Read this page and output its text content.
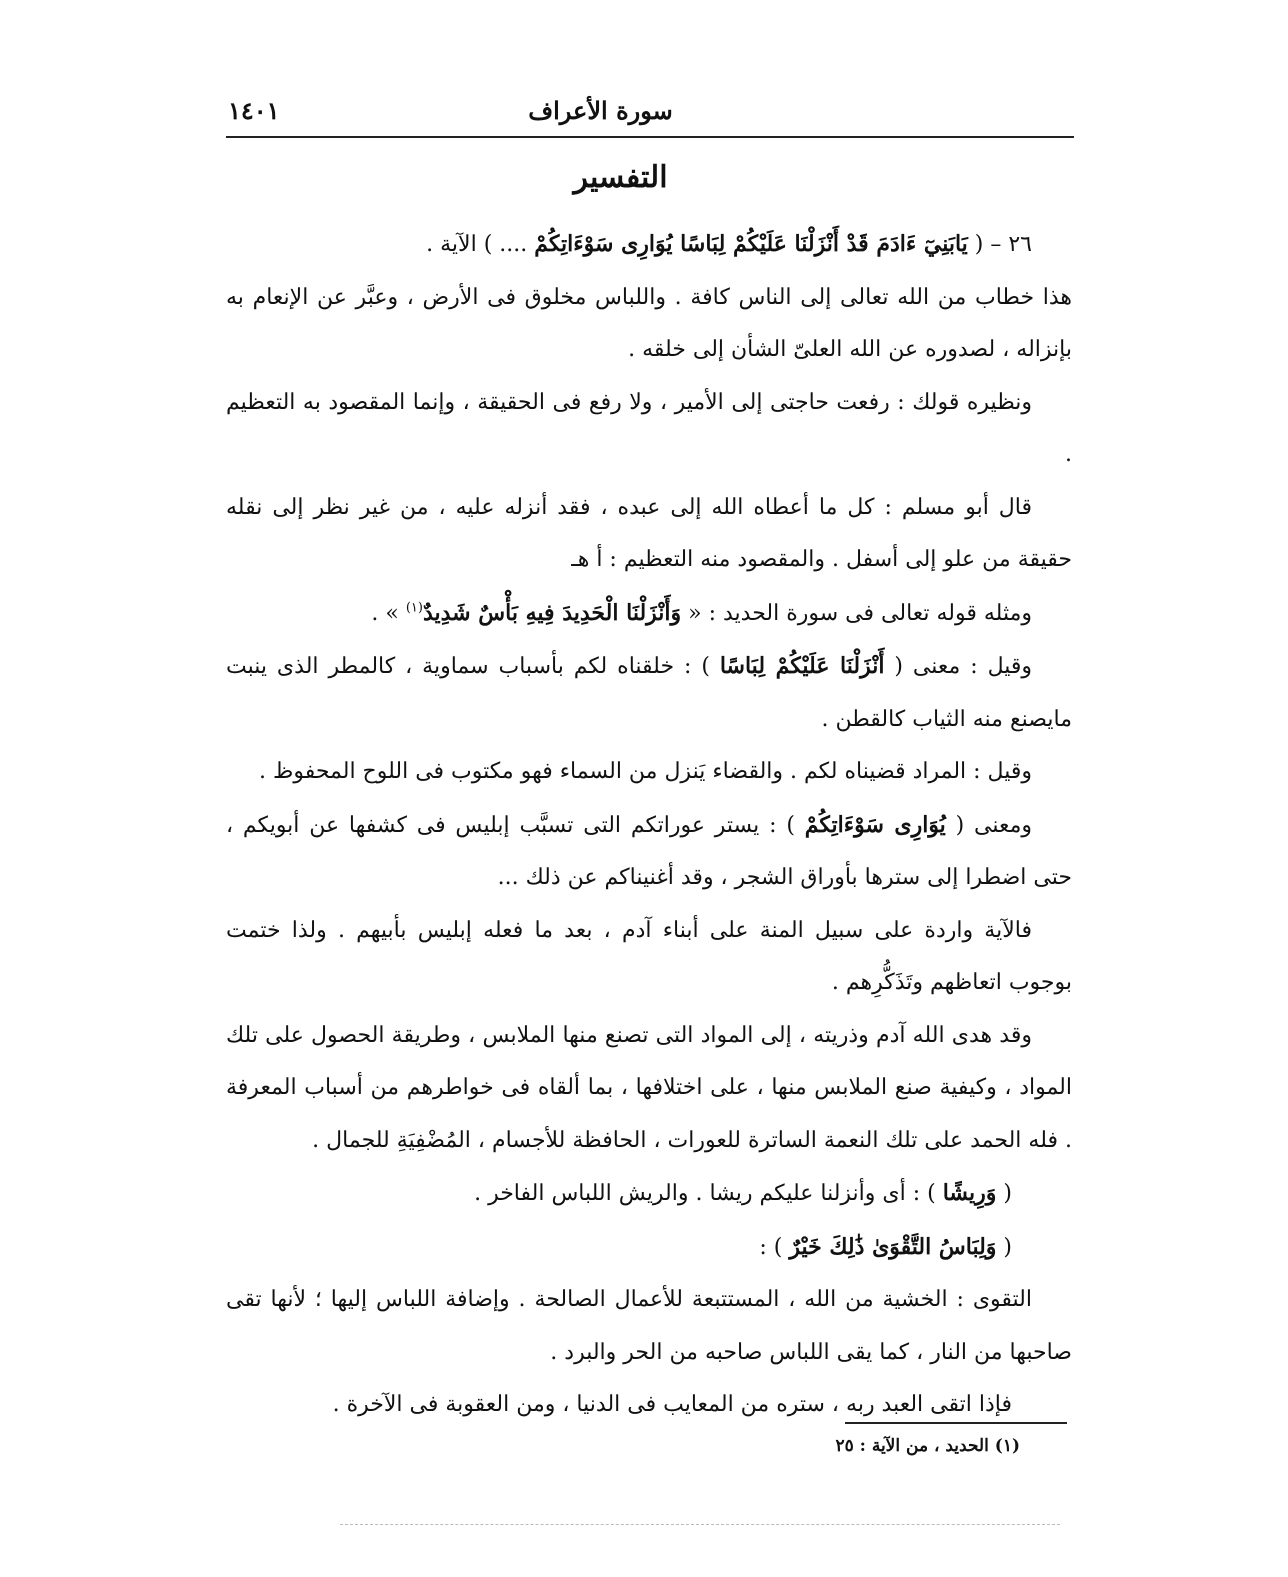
سورة الأعراف
١٤٠١
التفسير

٢٦ – ( يَابَنِيٓ ءَادَمَ قَدْ أَنْزَلْنَا عَلَيْكُمْ لِبَاسًا يُوَارِى سَوْءَاتِكُمْ .... ) الآية .

هذا خطاب من الله تعالى إلى الناس كافة . واللباس مخلوق فى الأرض ، وعبَّر عن الإنعام به بإنزاله ، لصدوره عن الله العلىّ الشأن إلى خلقه .

ونظيره قولك : رفعت حاجتى إلى الأمير ، ولا رفع فى الحقيقة ، وإنما المقصود به التعظيم .

قال أبو مسلم : كل ما أعطاه الله إلى عبده ، فقد أنزله عليه ، من غير نظر إلى نقله حقيقة من علو إلى أسفل . والمقصود منه التعظيم : أ هـ

ومثله قوله تعالى فى سورة الحديد : « وَأَنْزَلْنَا الْحَدِيدَ فِيهِ بَأْسٌ شَدِيدٌ$^{(١)}$ » .

وقيل : معنى ( أَنْزَلْنَا عَلَيْكُمْ لِبَاسًا ) : خلقناه لكم بأسباب سماوية ، كالمطر الذى ينبت مايصنع منه الثياب كالقطن .

وقيل : المراد قضيناه لكم . والقضاء يَنزل من السماء فهو مكتوب فى اللوح المحفوظ .

ومعنى ( يُوَارِى سَوْءَاتِكُمْ ) : يستر عوراتكم التى تسبَّب إبليس فى كشفها عن أبويكم ، حتى اضطرا إلى سترها بأوراق الشجر ، وقد أغنيناكم عن ذلك ...

فالآية واردة على سبيل المنة على أبناء آدم ، بعد ما فعله إبليس بأبيهم . ولذا ختمت بوجوب اتعاظهم وتَذَكُّرِهم .

وقد هدى الله آدم وذريته ، إلى المواد التى تصنع منها الملابس ، وطريقة الحصول على تلك المواد ، وكيفية صنع الملابس منها ، على اختلافها ، بما ألقاه فى خواطرهم من أسباب المعرفة . فله الحمد على تلك النعمة الساترة للعورات ، الحافظة للأجسام ، المُضْفِيَةِ للجمال .

( وَرِيشًا ) : أى وأنزلنا عليكم ريشا . والريش اللباس الفاخر .

( وَلِبَاسُ التَّقْوَىٰ ذَٰلِكَ خَيْرٌ ) :

التقوى : الخشية من الله ، المستتبعة للأعمال الصالحة . وإضافة اللباس إليها ؛ لأنها تقى صاحبها من النار ، كما يقى اللباس صاحبه من الحر والبرد .

فإذا اتقى العبد ربه ، ستره من المعايب فى الدنيا ، ومن العقوبة فى الآخرة .

(١) الحديد ، من الآية : ٢٥
